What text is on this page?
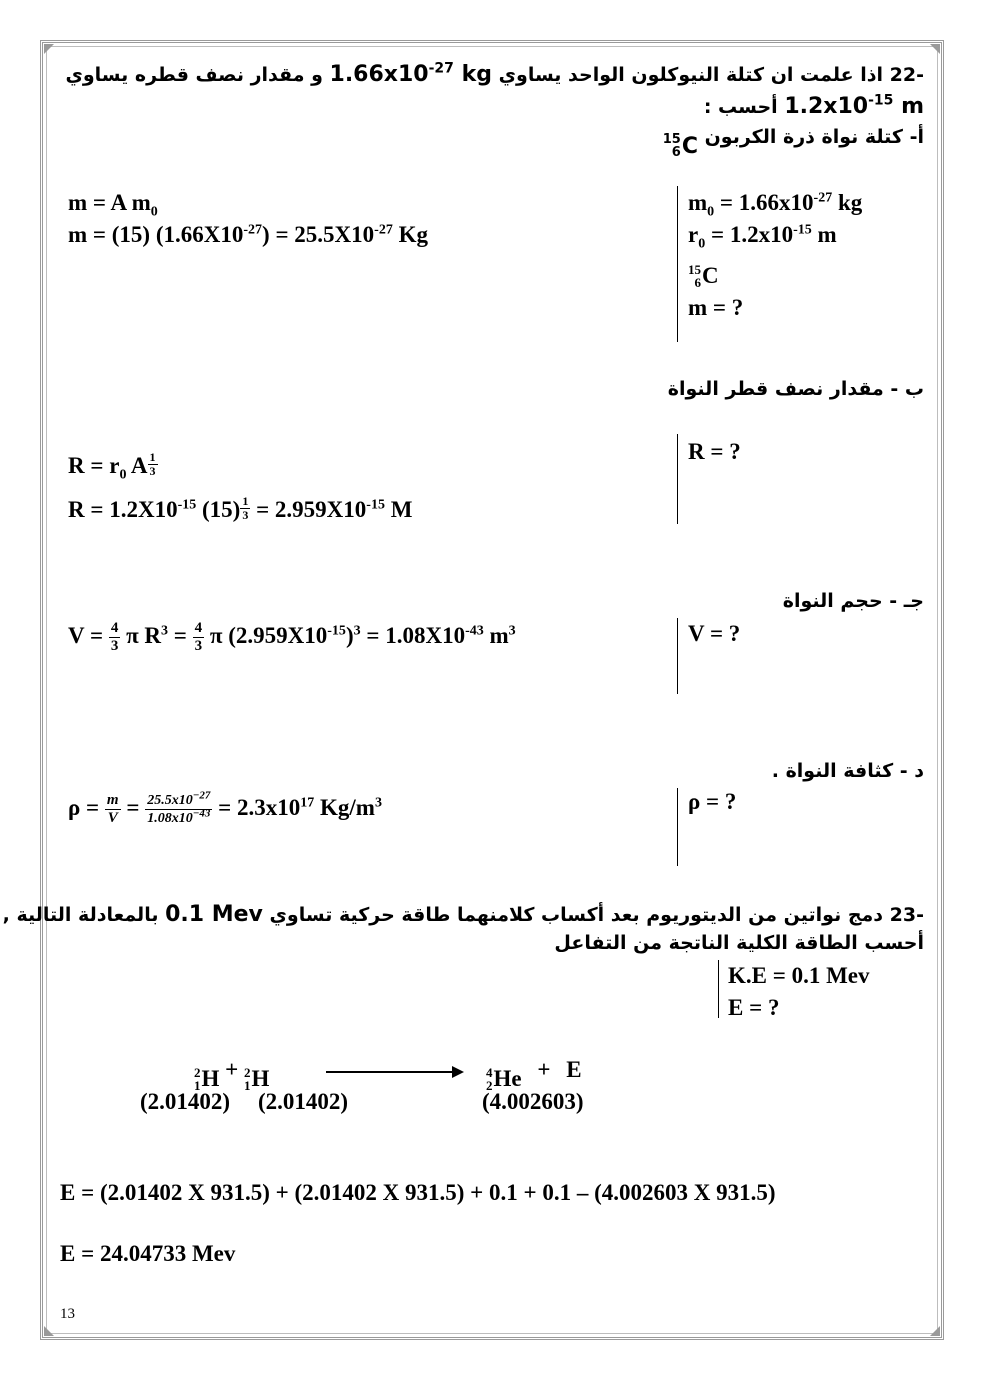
-22 اذا علمت ان كتلة النيوكلون الواحد يساوي $1.66x10^{-27}$ kg و مقدار نصف قطره يساوي
$1.2x10^{-15}$ m أحسب :
أ- كتلة نواة ذرة الكربون
15
6 C
$m_0 = 1.66x10^{-27}$ kg
$r_0 = 1.2x10^{-15}$ m
15
6 C
m = ?
m = A $m_0$
m = (15) $(1.66X10^{-27}) = 25.5X10^{-27}$ Kg
ب - مقدار نصف قطر النواة
R = ?
$R = r_0$ A $\frac{1}{3}$
$R = 1.2X10^{-15}$ $(15) \frac{1}{3} = 2.959X10^{-15}$ M
جـ - حجم النواة
V = ?
$V = \frac{4}{3}$ π $R^3 = \frac{4}{3}$ π $(2.959X10^{-15})^3 = 1.08X10^{-43}$ $m^3$
د - كثافة النواة .
ρ = ?
$\rho = \frac{m}{V} = \frac{25.5x10^{-27}}{1.08x10^{-43}} = 2.3x10^{17}$ $Kg/m^3$
-23 دمج نواتين من الديتوريوم بعد أكساب كلامنهما طاقة حركية تساوي 0.1 Mev بالمعادلة التالية ,
أحسب الطاقة الكلية الناتجة من التفاعل
K.E = 0.1 Mev
E = ?
2
1 H + 2
1 H	4
2 He + E
(2.01402) (2.01402)	(4.002603)
E = (2.01402 X 931.5) + (2.01402 X 931.5) + 0.1 + 0.1 – (4.002603 X 931.5)
E = 24.04733 Mev
13
